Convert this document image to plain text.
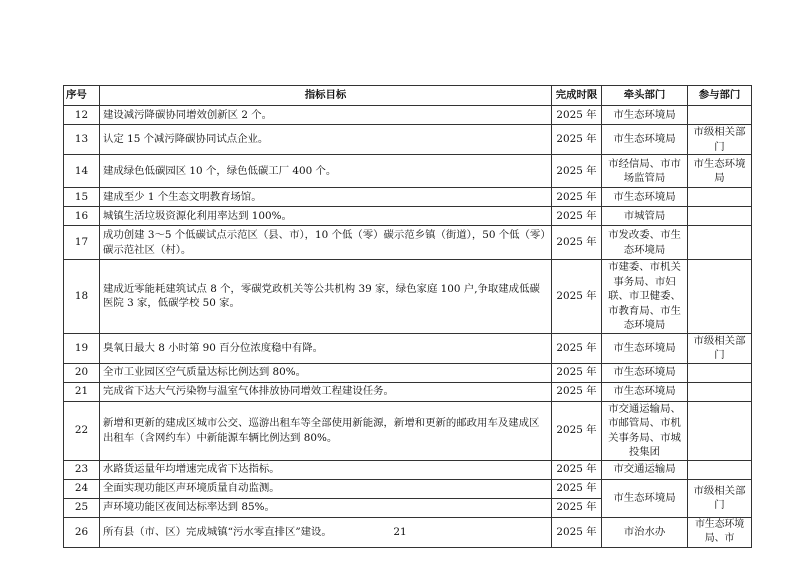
序号	指标目标	完成时限	牵头部门	参与部门
12	建设减污降碳协同增效创新区 2 个。	2025 年	市生态环境局	
13	认定 15 个减污降碳协同试点企业。	2025 年	市生态环境局	市级相关部门
14	建成绿色低碳园区 10 个，绿色低碳工厂 400 个。	2025 年	市经信局、市市场监管局	市生态环境局
15	建成至少 1 个生态文明教育场馆。	2025 年	市生态环境局	
16	城镇生活垃圾资源化利用率达到 100%。	2025 年	市城管局	
17	成功创建 3～5 个低碳试点示范区（县、市），10 个低（零）碳示范乡镇（街道），50 个低（零）碳示范社区（村）。	2025 年	市发改委、市生态环境局	
18	建成近零能耗建筑试点 8 个，零碳党政机关等公共机构 39 家，绿色家庭 100 户,争取建成低碳医院 3 家，低碳学校 50 家。	2025 年	市建委、市机关事务局、市妇联、市卫健委、市教育局、市生态环境局	
19	臭氧日最大 8 小时第 90 百分位浓度稳中有降。	2025 年	市生态环境局	市级相关部门
20	全市工业园区空气质量达标比例达到 80%。	2025 年	市生态环境局	
21	完成省下达大气污染物与温室气体排放协同增效工程建设任务。	2025 年	市生态环境局	
22	新增和更新的建成区城市公交、巡游出租车等全部使用新能源，新增和更新的邮政用车及建成区出租车（含网约车）中新能源车辆比例达到 80%。	2025 年	市交通运输局、市邮管局、市机关事务局、市城投集团	
23	水路货运量年均增速完成省下达指标。	2025 年	市交通运输局	
24	全面实现功能区声环境质量自动监测。	2025 年	市生态环境局	市级相关部门
25	声环境功能区夜间达标率达到 85%。	2025 年		
26	所有县（市、区）完成城镇“污水零直排区”建设。	2025 年	市治水办	市生态环境局、市
21
